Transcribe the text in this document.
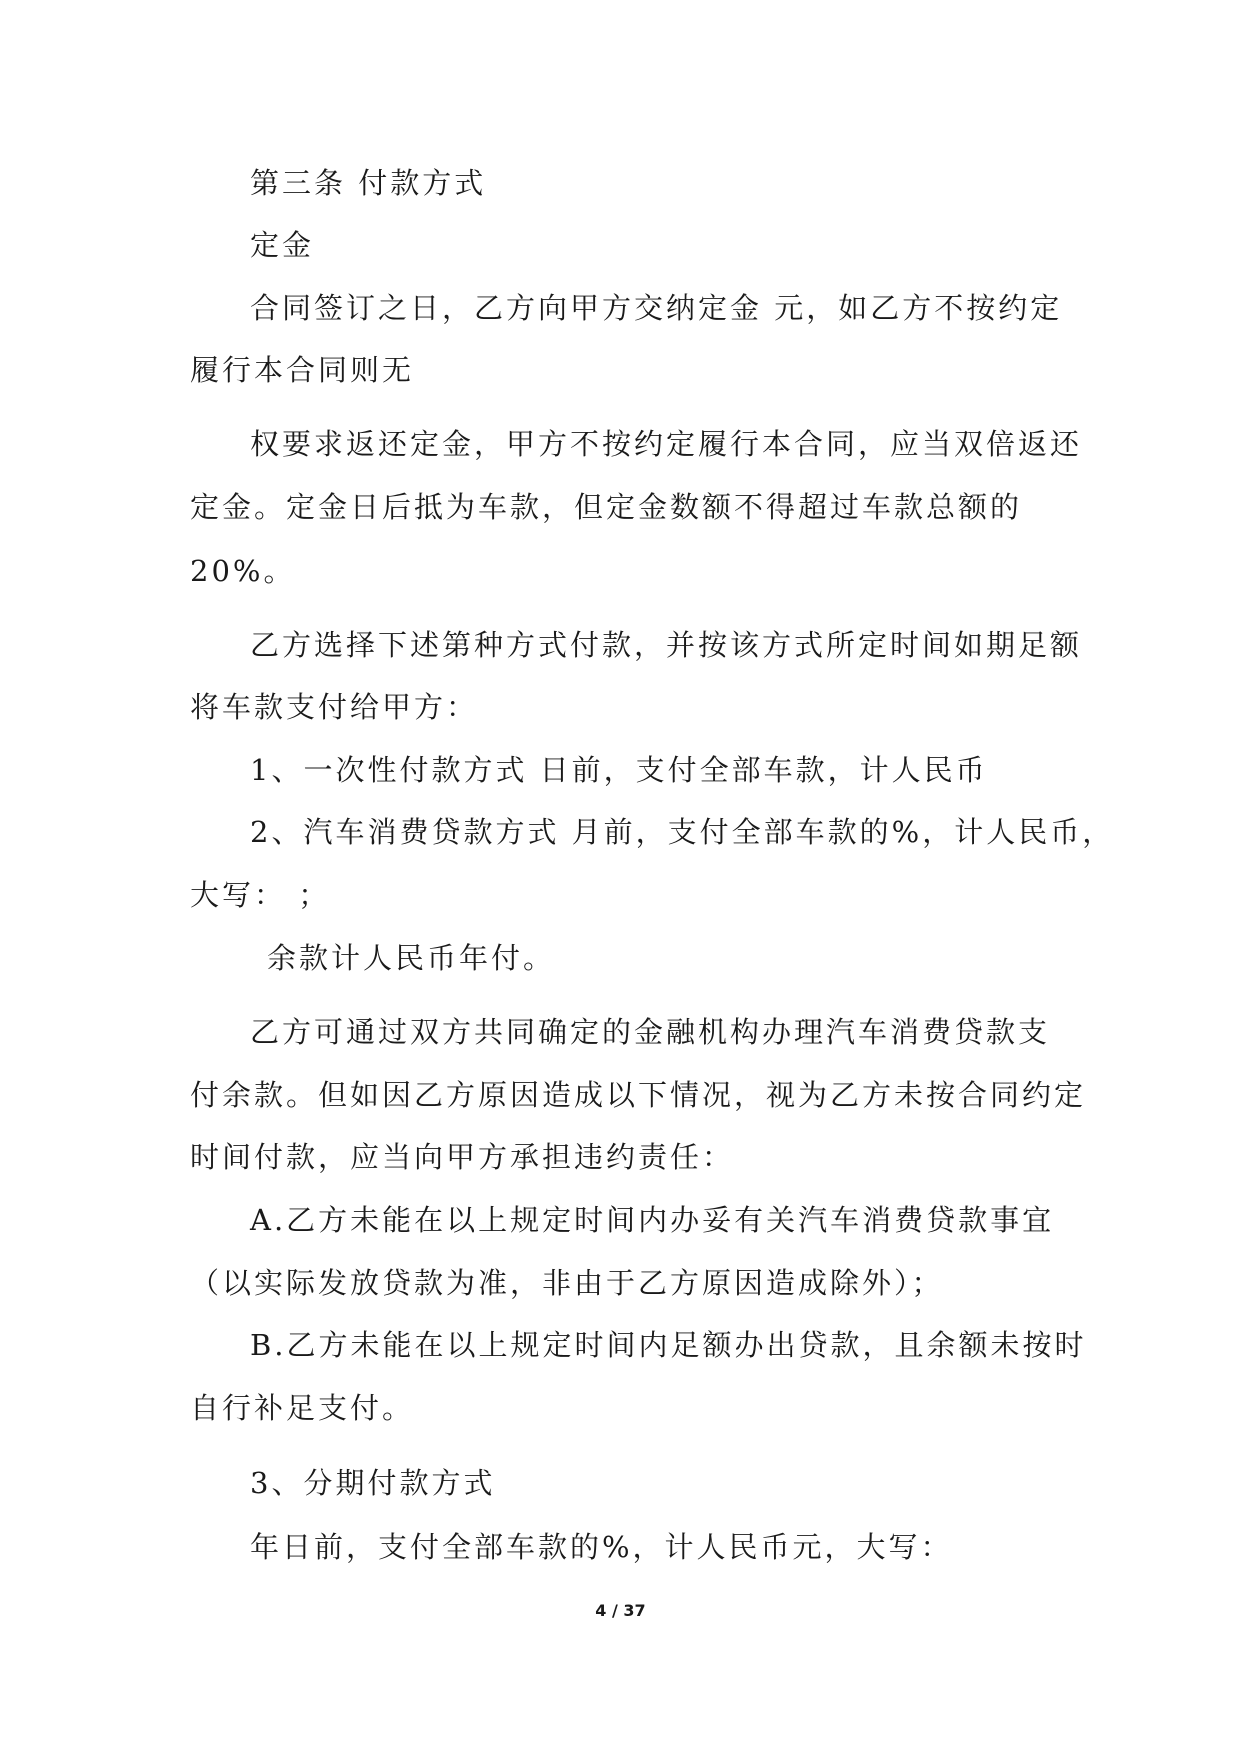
第三条 付款方式

定金

合同签订之日，乙方向甲方交纳定金 元，如乙方不按约定

履行本合同则无

权要求返还定金，甲方不按约定履行本合同，应当双倍返还

定金。定金日后抵为车款，但定金数额不得超过车款总额的

20%。

乙方选择下述第种方式付款，并按该方式所定时间如期足额

将车款支付给甲方：

1、一次性付款方式 日前，支付全部车款，计人民币

2、汽车消费贷款方式 月前，支付全部车款的%，计人民币，

大写： ；

余款计人民币年付。

乙方可通过双方共同确定的金融机构办理汽车消费贷款支

付余款。但如因乙方原因造成以下情况，视为乙方未按合同约定

时间付款，应当向甲方承担违约责任：

A.乙方未能在以上规定时间内办妥有关汽车消费贷款事宜

（以实际发放贷款为准，非由于乙方原因造成除外）；

B.乙方未能在以上规定时间内足额办出贷款，且余额未按时

自行补足支付。

3、分期付款方式

年日前，支付全部车款的%，计人民币元，大写：

4 / 37
